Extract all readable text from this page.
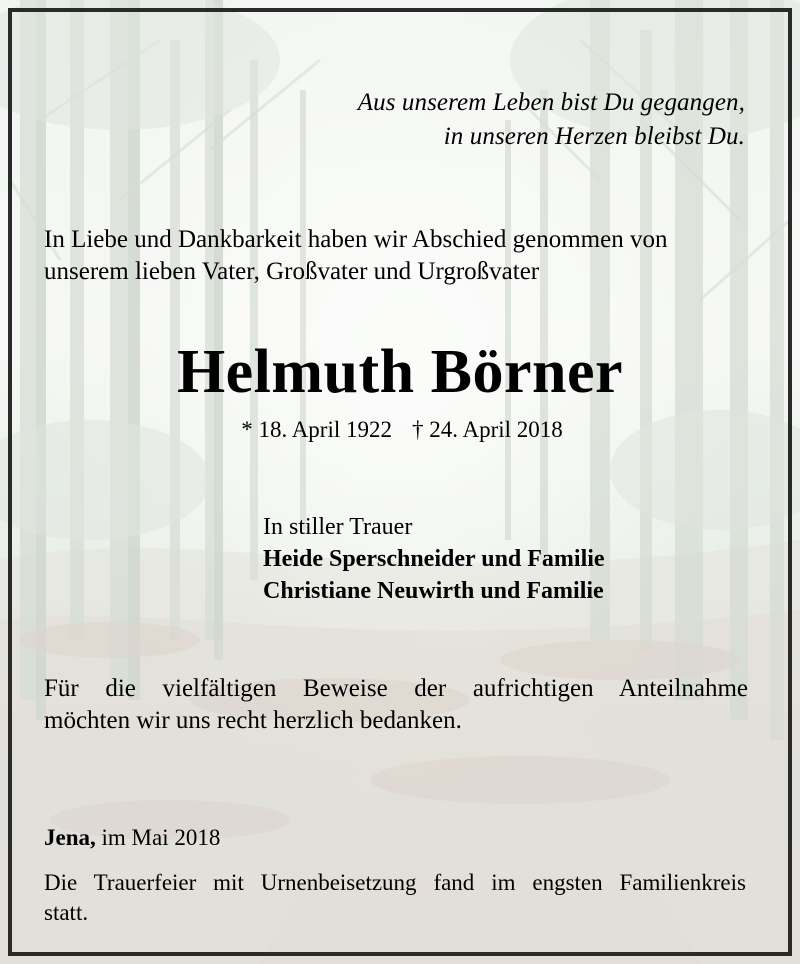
Aus unserem Leben bist Du gegangen,
in unseren Herzen bleibst Du.
In Liebe und Dankbarkeit haben wir Abschied genommen von
unserem lieben Vater, Großvater und Urgroßvater
Helmuth Börner
* 18. April 1922 † 24. April 2018
In stiller Trauer
Heide Sperschneider und Familie
Christiane Neuwirth und Familie
Für die vielfältigen Beweise der aufrichtigen Anteilnahme
möchten wir uns recht herzlich bedanken.
Jena, im Mai 2018
Die Trauerfeier mit Urnenbeisetzung fand im engsten Familienkreis
statt.
